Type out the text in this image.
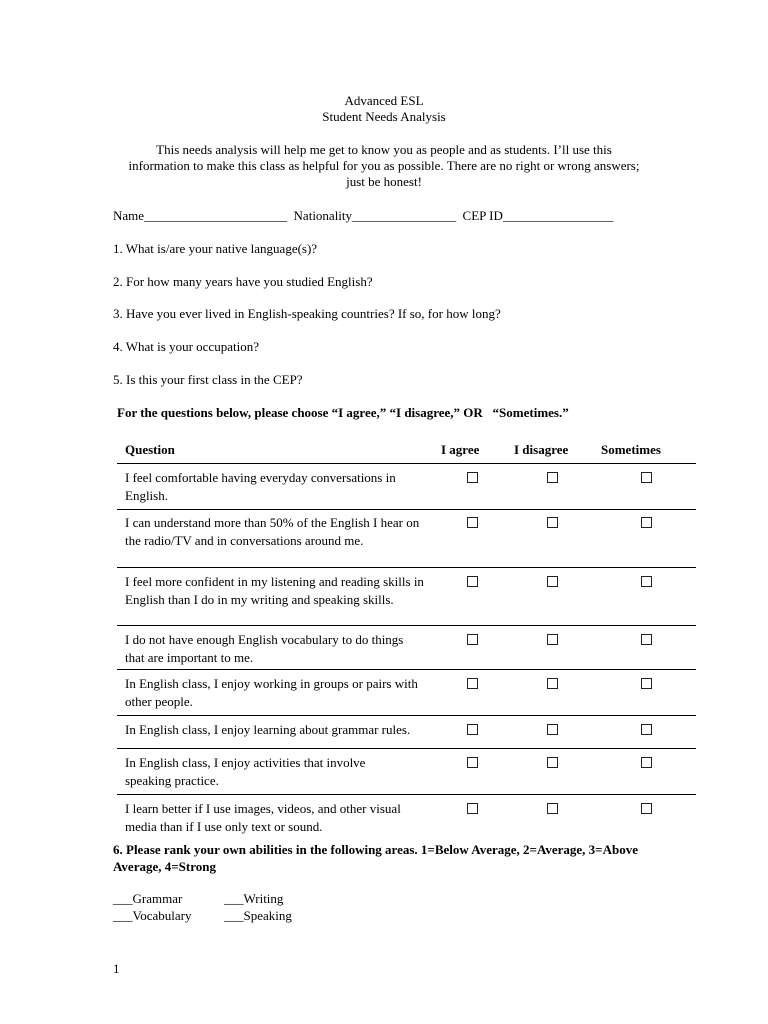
Advanced ESL
Student Needs Analysis
This needs analysis will help me get to know you as people and as students. I’ll use this information to make this class as helpful for you as possible. There are no right or wrong answers; just be honest!
Name______________________ Nationality________________ CEP ID_________________
1. What is/are your native language(s)?
2. For how many years have you studied English?
3. Have you ever lived in English-speaking countries? If so, for how long?
4. What is your occupation?
5. Is this your first class in the CEP?
For the questions below, please choose “I agree,” “I disagree,” OR   “Sometimes.”
Question	I agree	I disagree	Sometimes
I feel comfortable having everyday conversations in English.
I can understand more than 50% of the English I hear on the radio/TV and in conversations around me.
I feel more confident in my listening and reading skills in English than I do in my writing and speaking skills.
I do not have enough English vocabulary to do things that are important to me.
In English class, I enjoy working in groups or pairs with other people.
In English class, I enjoy learning about grammar rules.
In English class, I enjoy activities that involve speaking practice.
I learn better if I use images, videos, and other visual media than if I use only text or sound.
6. Please rank your own abilities in the following areas. 1=Below Average, 2=Average, 3=Above Average, 4=Strong
___Grammar	___Writing
___Vocabulary	___Speaking
1
